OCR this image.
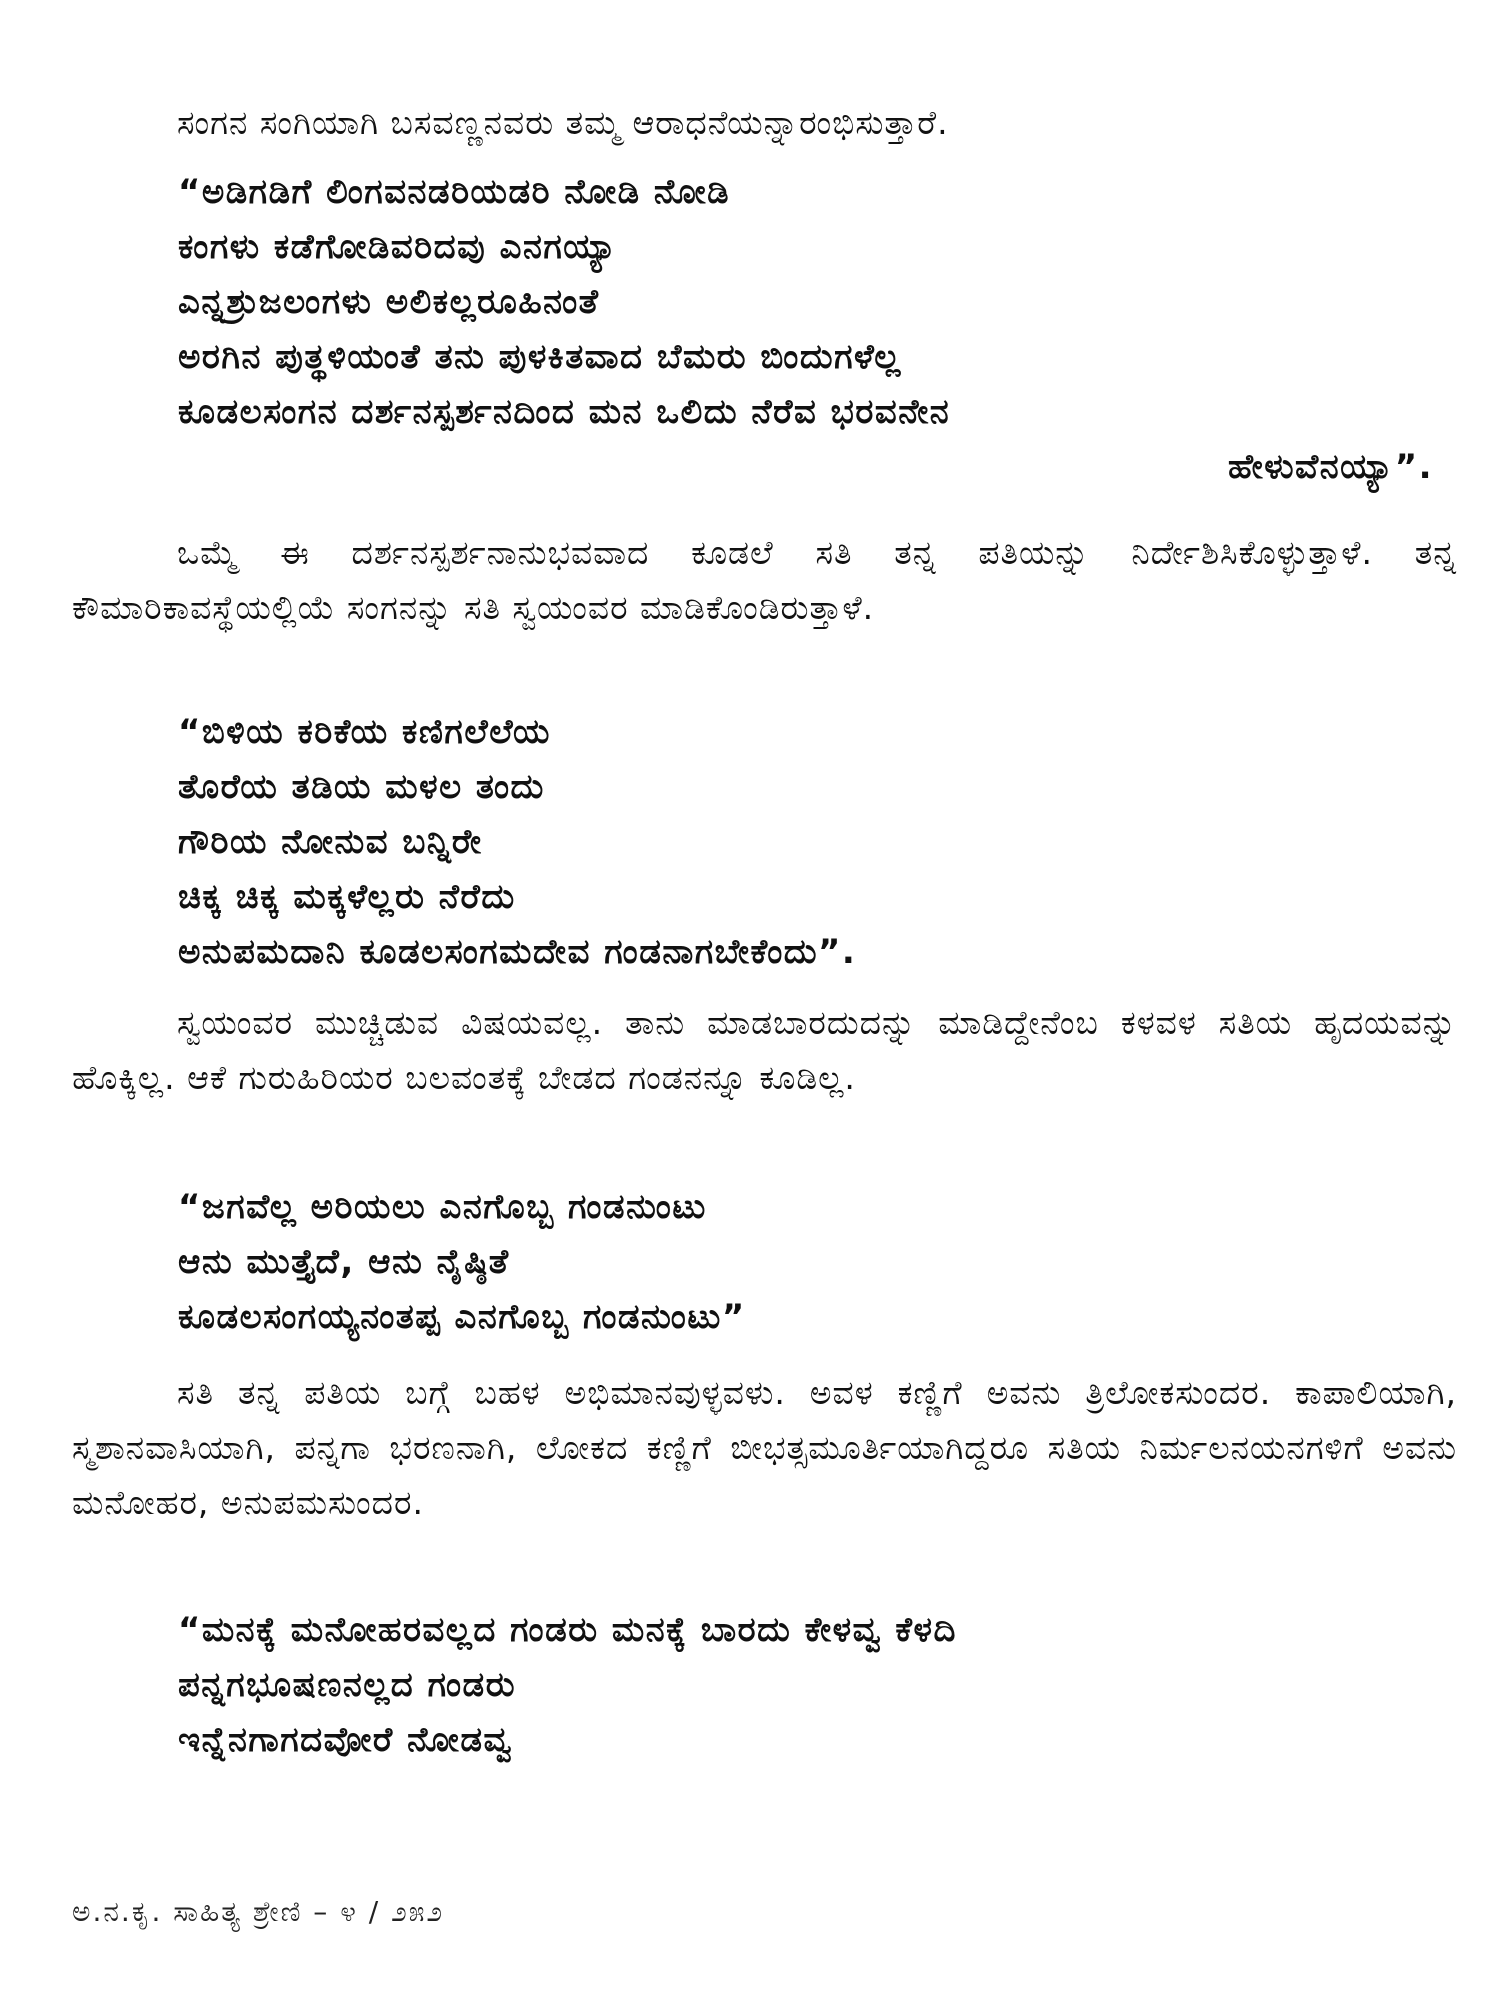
ಸಂಗನ ಸಂಗಿಯಾಗಿ ಬಸವಣ್ಣನವರು ತಮ್ಮ ಆರಾಧನೆಯನ್ನಾರಂಭಿಸುತ್ತಾರೆ.

“ಅಡಿಗಡಿಗೆ ಲಿಂಗವನಡರಿಯಡರಿ ನೋಡಿ ನೋಡಿ
ಕಂಗಳು ಕಡೆಗೋಡಿವರಿದವು ಎನಗಯ್ಯಾ
ಎನ್ನಶ್ರುಜಲಂಗಳು ಅಲಿಕಲ್ಲರೂಹಿನಂತೆ
ಅರಗಿನ ಪುತ್ಥಳಿಯಂತೆ ತನು ಪುಳಕಿತವಾದ ಬೆಮರು ಬಿಂದುಗಳೆಲ್ಲ
ಕೂಡಲಸಂಗನ ದರ್ಶನಸ್ಪರ್ಶನದಿಂದ ಮನ ಒಲಿದು ನೆರೆವ ಭರವನೇನ
ಹೇಳುವೆನಯ್ಯಾ”.

ಒಮ್ಮೆ ಈ ದರ್ಶನಸ್ಪರ್ಶನಾನುಭವವಾದ ಕೂಡಲೆ ಸತಿ ತನ್ನ ಪತಿಯನ್ನು ನಿರ್ದೇಶಿಸಿಕೊಳ್ಳುತ್ತಾಳೆ. ತನ್ನ ಕೌಮಾರಿಕಾವಸ್ಥೆಯಲ್ಲಿಯೆ ಸಂಗನನ್ನು ಸತಿ ಸ್ವಯಂವರ ಮಾಡಿಕೊಂಡಿರುತ್ತಾಳೆ.

“ಬಿಳಿಯ ಕರಿಕೆಯ ಕಣಿಗಲೆಲೆಯ
ತೊರೆಯ ತಡಿಯ ಮಳಲ ತಂದು
ಗೌರಿಯ ನೋನುವ ಬನ್ನಿರೇ
ಚಿಕ್ಕ ಚಿಕ್ಕ ಮಕ್ಕಳೆಲ್ಲರು ನೆರೆದು
ಅನುಪಮದಾನಿ ಕೂಡಲಸಂಗಮದೇವ ಗಂಡನಾಗಬೇಕೆಂದು”.

ಸ್ವಯಂವರ ಮುಚ್ಚಿಡುವ ವಿಷಯವಲ್ಲ. ತಾನು ಮಾಡಬಾರದುದನ್ನು ಮಾಡಿದ್ದೇನೆಂಬ ಕಳವಳ ಸತಿಯ ಹೃದಯವನ್ನು ಹೊಕ್ಕಿಲ್ಲ. ಆಕೆ ಗುರುಹಿರಿಯರ ಬಲವಂತಕ್ಕೆ ಬೇಡದ ಗಂಡನನ್ನೂ ಕೂಡಿಲ್ಲ.

“ಜಗವೆಲ್ಲ ಅರಿಯಲು ಎನಗೊಬ್ಬ ಗಂಡನುಂಟು
ಆನು ಮುತ್ತೈದೆ, ಆನು ನೈಷ್ಠಿತೆ
ಕೂಡಲಸಂಗಯ್ಯನಂತಪ್ಪ ಎನಗೊಬ್ಬ ಗಂಡನುಂಟು”

ಸತಿ ತನ್ನ ಪತಿಯ ಬಗ್ಗೆ ಬಹಳ ಅಭಿಮಾನವುಳ್ಳವಳು. ಅವಳ ಕಣ್ಣಿಗೆ ಅವನು ತ್ರಿಲೋಕಸುಂದರ. ಕಾಪಾಲಿಯಾಗಿ, ಸ್ಮಶಾನವಾಸಿಯಾಗಿ, ಪನ್ನಗಾ ಭರಣನಾಗಿ, ಲೋಕದ ಕಣ್ಣಿಗೆ ಬೀಭತ್ಸಮೂರ್ತಿಯಾಗಿದ್ದರೂ ಸತಿಯ ನಿರ್ಮಲನಯನಗಳಿಗೆ ಅವನು ಮನೋಹರ, ಅನುಪಮಸುಂದರ.

“ಮನಕ್ಕೆ ಮನೋಹರವಲ್ಲದ ಗಂಡರು ಮನಕ್ಕೆ ಬಾರದು ಕೇಳವ್ವ ಕೆಳದಿ
ಪನ್ನಗಭೂಷಣನಲ್ಲದ ಗಂಡರು
ಇನ್ನೆನಗಾಗದವೋರೆ ನೋಡವ್ವ
ಅ.ನ.ಕೃ. ಸಾಹಿತ್ಯ ಶ್ರೇಣಿ – ೪ / ೨೫೨
